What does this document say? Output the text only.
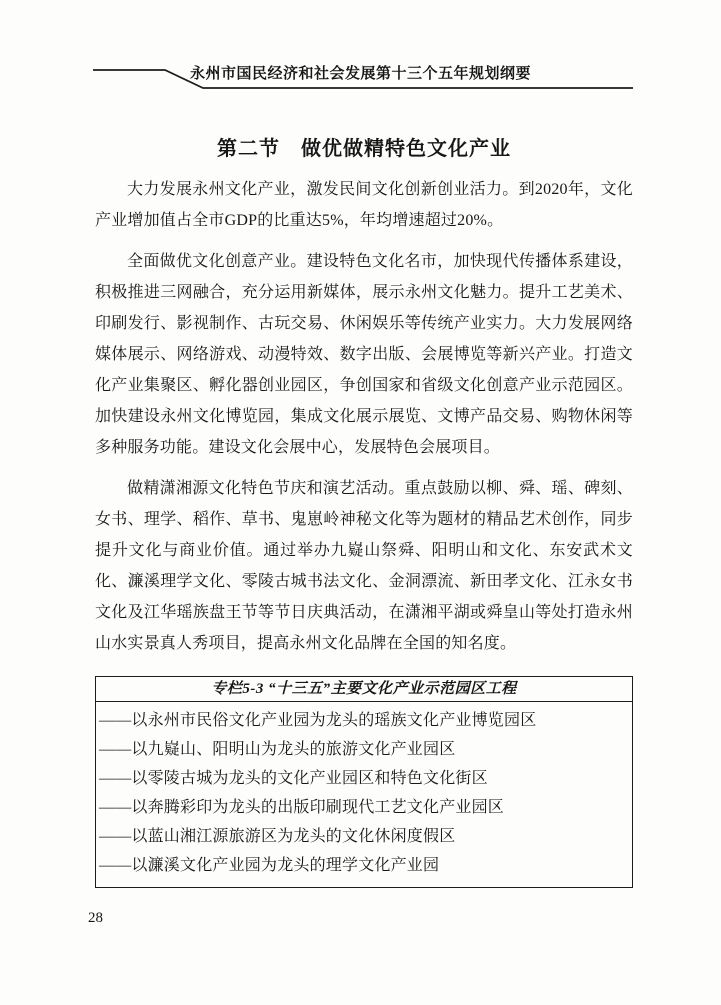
永州市国民经济和社会发展第十三个五年规划纲要
第二节　做优做精特色文化产业

大力发展永州文化产业，激发民间文化创新创业活力。到2020年，文化产业增加值占全市GDP的比重达5%，年均增速超过20%。

全面做优文化创意产业。建设特色文化名市，加快现代传播体系建设，积极推进三网融合，充分运用新媒体，展示永州文化魅力。提升工艺美术、印刷发行、影视制作、古玩交易、休闲娱乐等传统产业实力。大力发展网络媒体展示、网络游戏、动漫特效、数字出版、会展博览等新兴产业。打造文化产业集聚区、孵化器创业园区，争创国家和省级文化创意产业示范园区。加快建设永州文化博览园，集成文化展示展览、文博产品交易、购物休闲等多种服务功能。建设文化会展中心，发展特色会展项目。

做精潇湘源文化特色节庆和演艺活动。重点鼓励以柳、舜、瑶、碑刻、女书、理学、稻作、草书、鬼崽岭神秘文化等为题材的精品艺术创作，同步提升文化与商业价值。通过举办九嶷山祭舜、阳明山和文化、东安武术文化、濂溪理学文化、零陵古城书法文化、金洞漂流、新田孝文化、江永女书文化及江华瑶族盘王节等节日庆典活动，在潇湘平湖或舜皇山等处打造永州山水实景真人秀项目，提高永州文化品牌在全国的知名度。

专栏5-3 “十三五”主要文化产业示范园区工程
——以永州市民俗文化产业园为龙头的瑶族文化产业博览园区
——以九嶷山、阳明山为龙头的旅游文化产业园区
——以零陵古城为龙头的文化产业园区和特色文化街区
——以奔腾彩印为龙头的出版印刷现代工艺文化产业园区
——以蓝山湘江源旅游区为龙头的文化休闲度假区
——以濂溪文化产业园为龙头的理学文化产业园
28
